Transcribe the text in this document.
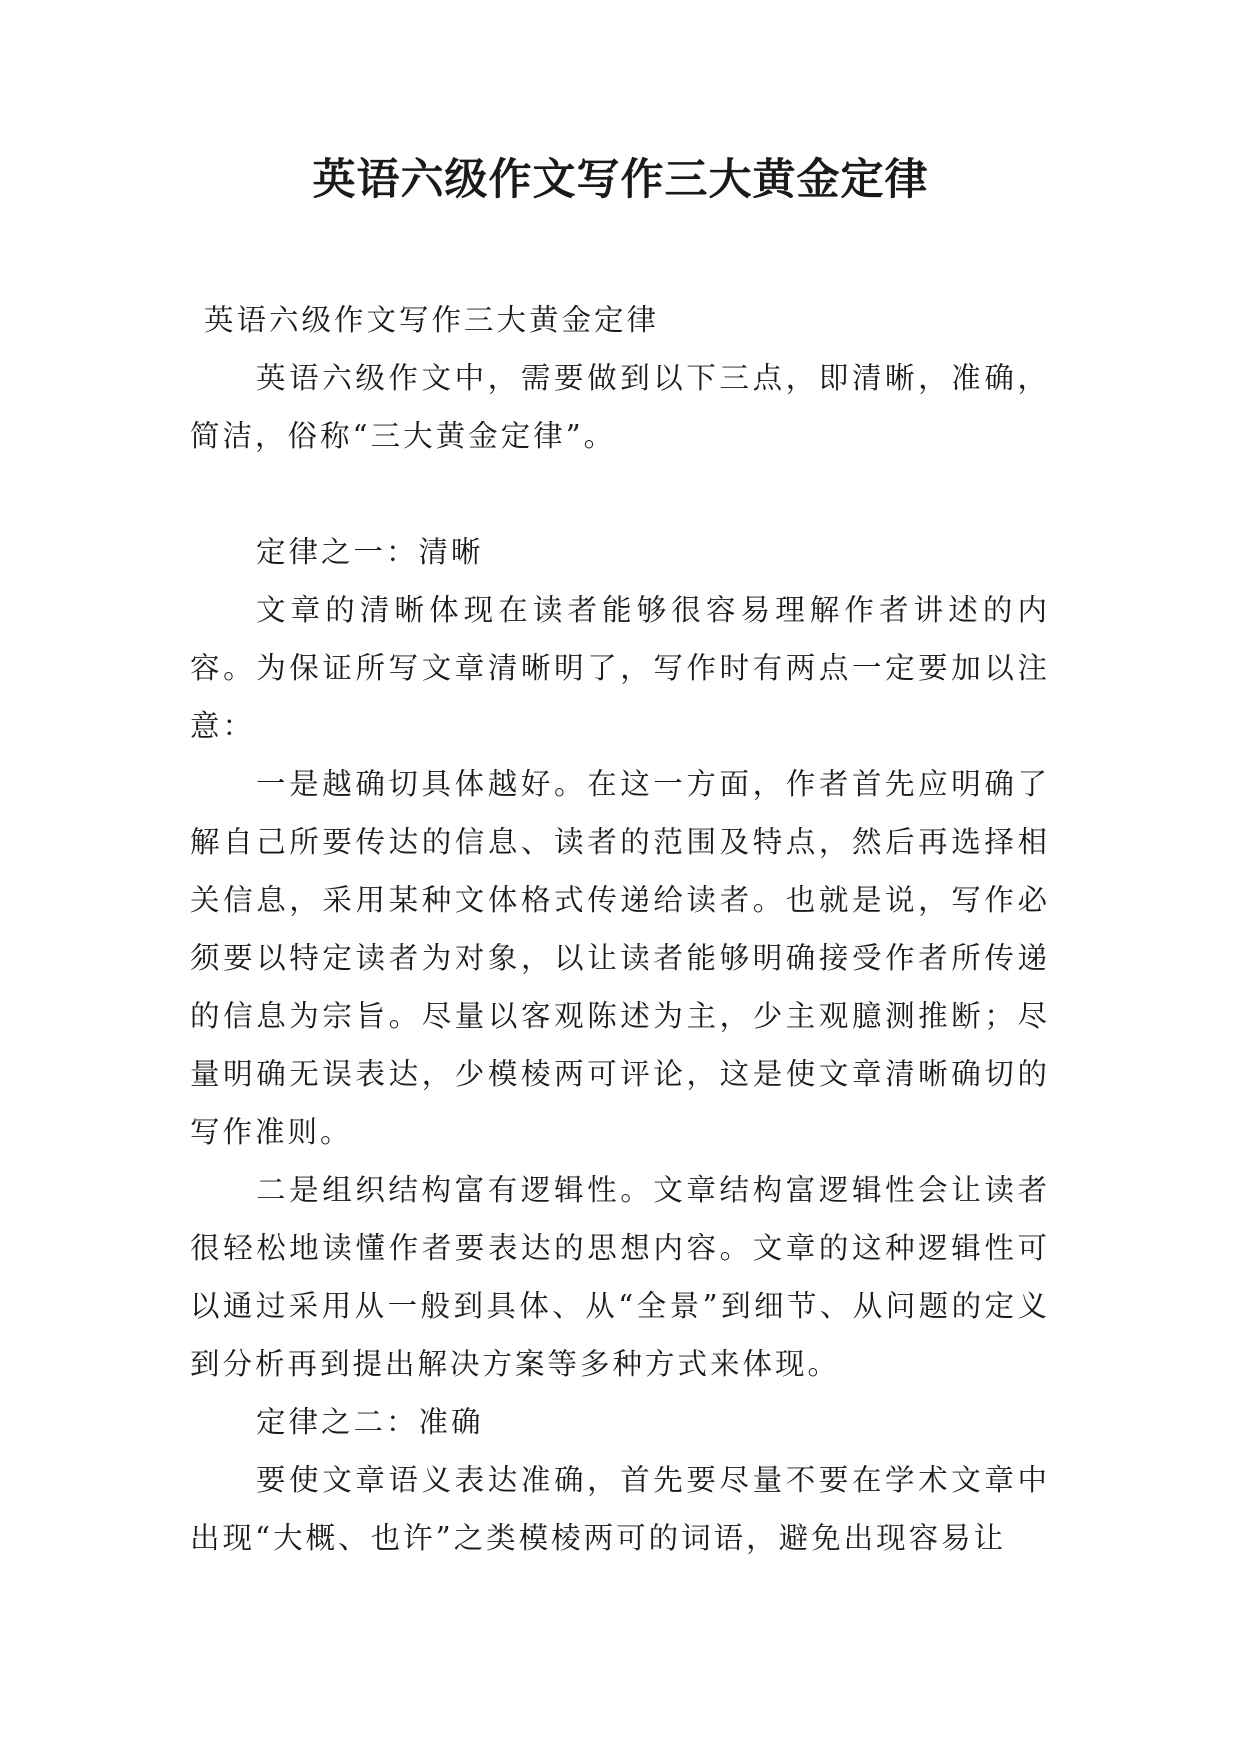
英语六级作文写作三大黄金定律

英语六级作文写作三大黄金定律

英语六级作文中，需要做到以下三点，即清晰，准确，简洁，俗称“三大黄金定律”。

定律之一：清晰

文章的清晰体现在读者能够很容易理解作者讲述的内容。为保证所写文章清晰明了，写作时有两点一定要加以注意：

一是越确切具体越好。在这一方面，作者首先应明确了解自己所要传达的信息、读者的范围及特点，然后再选择相关信息，采用某种文体格式传递给读者。也就是说，写作必须要以特定读者为对象，以让读者能够明确接受作者所传递的信息为宗旨。尽量以客观陈述为主，少主观臆测推断；尽量明确无误表达，少模棱两可评论，这是使文章清晰确切的写作准则。

二是组织结构富有逻辑性。文章结构富逻辑性会让读者很轻松地读懂作者要表达的思想内容。文章的这种逻辑性可以通过采用从一般到具体、从“全景”到细节、从问题的定义到分析再到提出解决方案等多种方式来体现。

定律之二：准确

要使文章语义表达准确，首先要尽量不要在学术文章中出现“大概、也许”之类模棱两可的词语，避免出现容易让
